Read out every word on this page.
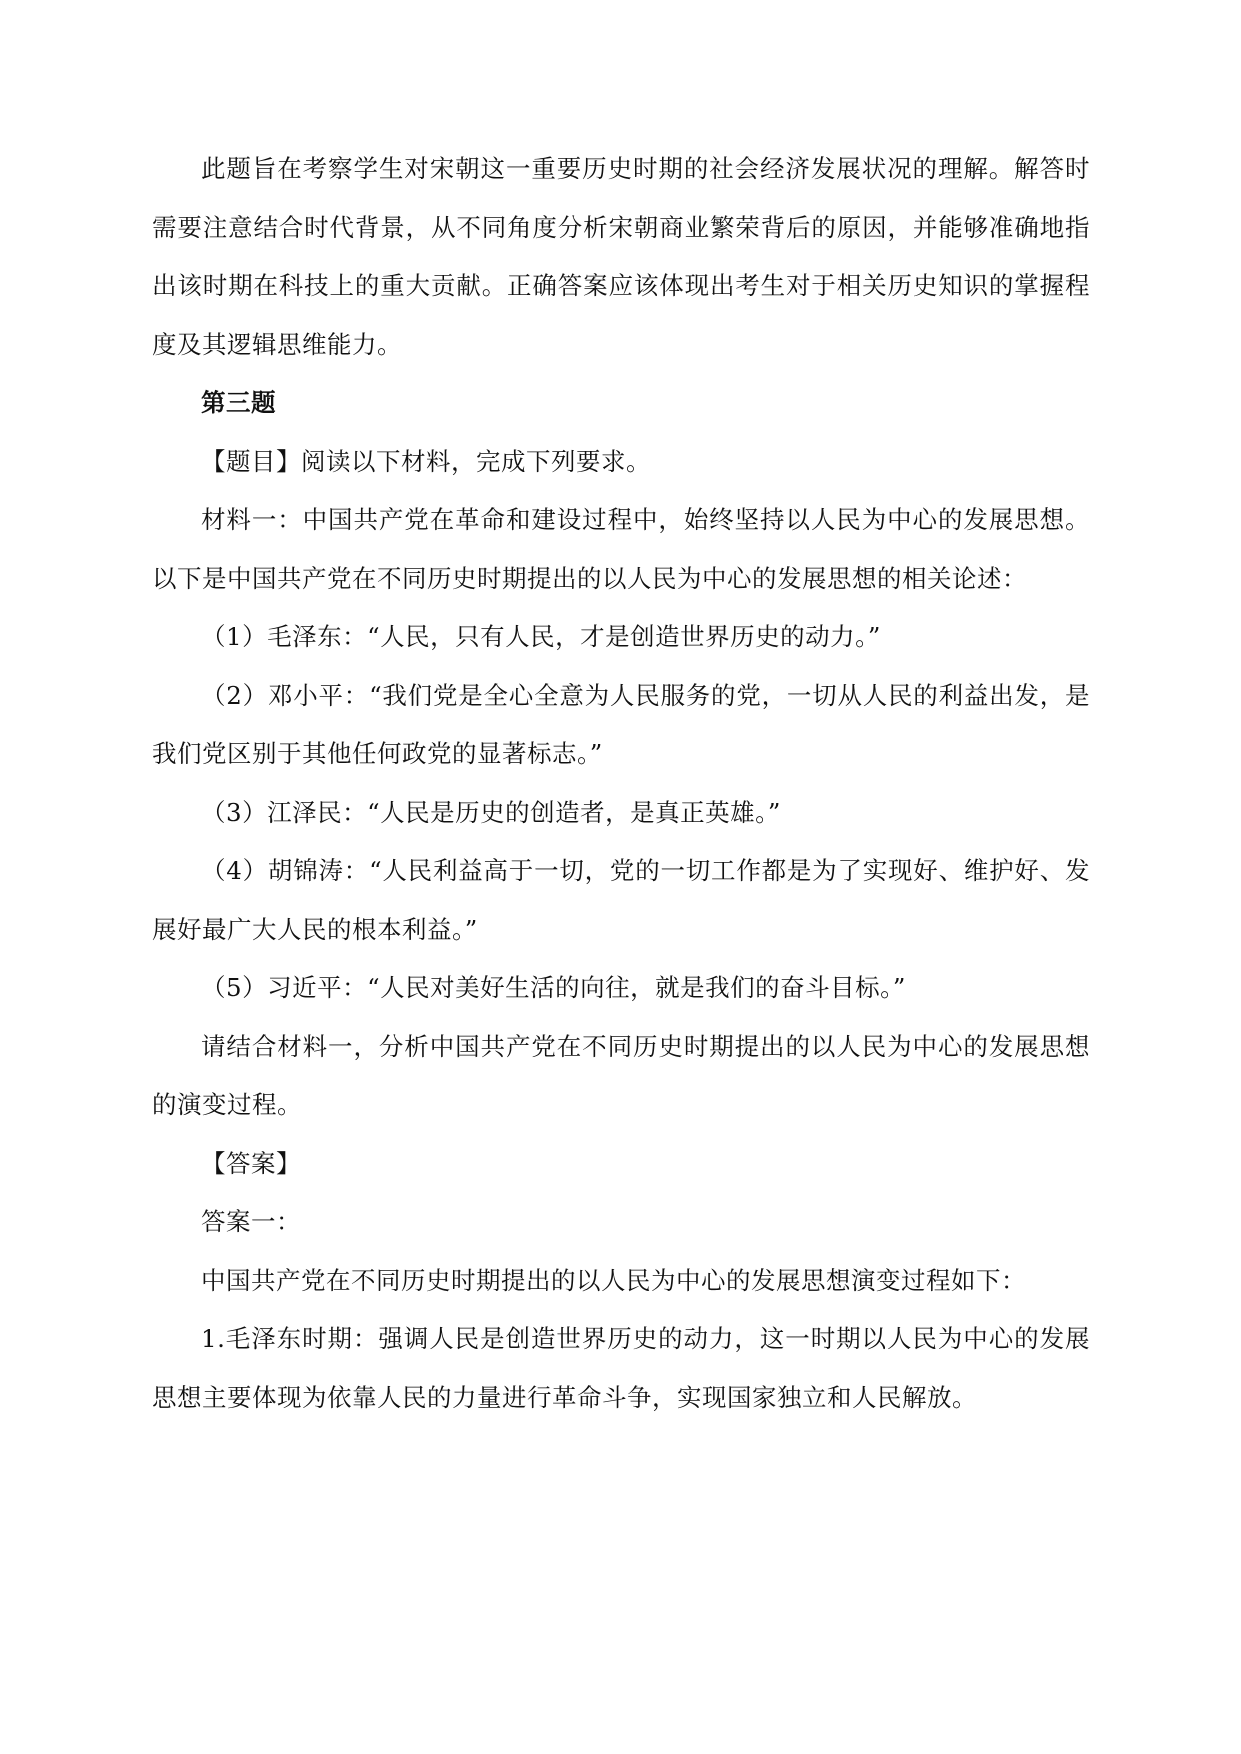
此题旨在考察学生对宋朝这一重要历史时期的社会经济发展状况的理解。解答时需要注意结合时代背景，从不同角度分析宋朝商业繁荣背后的原因，并能够准确地指出该时期在科技上的重大贡献。正确答案应该体现出考生对于相关历史知识的掌握程度及其逻辑思维能力。

第三题

【题目】阅读以下材料，完成下列要求。

材料一：中国共产党在革命和建设过程中，始终坚持以人民为中心的发展思想。以下是中国共产党在不同历史时期提出的以人民为中心的发展思想的相关论述：

（1）毛泽东：“人民，只有人民，才是创造世界历史的动力。”

（2）邓小平：“我们党是全心全意为人民服务的党，一切从人民的利益出发，是我们党区别于其他任何政党的显著标志。”

（3）江泽民：“人民是历史的创造者，是真正英雄。”

（4）胡锦涛：“人民利益高于一切，党的一切工作都是为了实现好、维护好、发展好最广大人民的根本利益。”

（5）习近平：“人民对美好生活的向往，就是我们的奋斗目标。”

请结合材料一，分析中国共产党在不同历史时期提出的以人民为中心的发展思想的演变过程。

【答案】

答案一：

中国共产党在不同历史时期提出的以人民为中心的发展思想演变过程如下：

1.毛泽东时期：强调人民是创造世界历史的动力，这一时期以人民为中心的发展思想主要体现为依靠人民的力量进行革命斗争，实现国家独立和人民解放。
